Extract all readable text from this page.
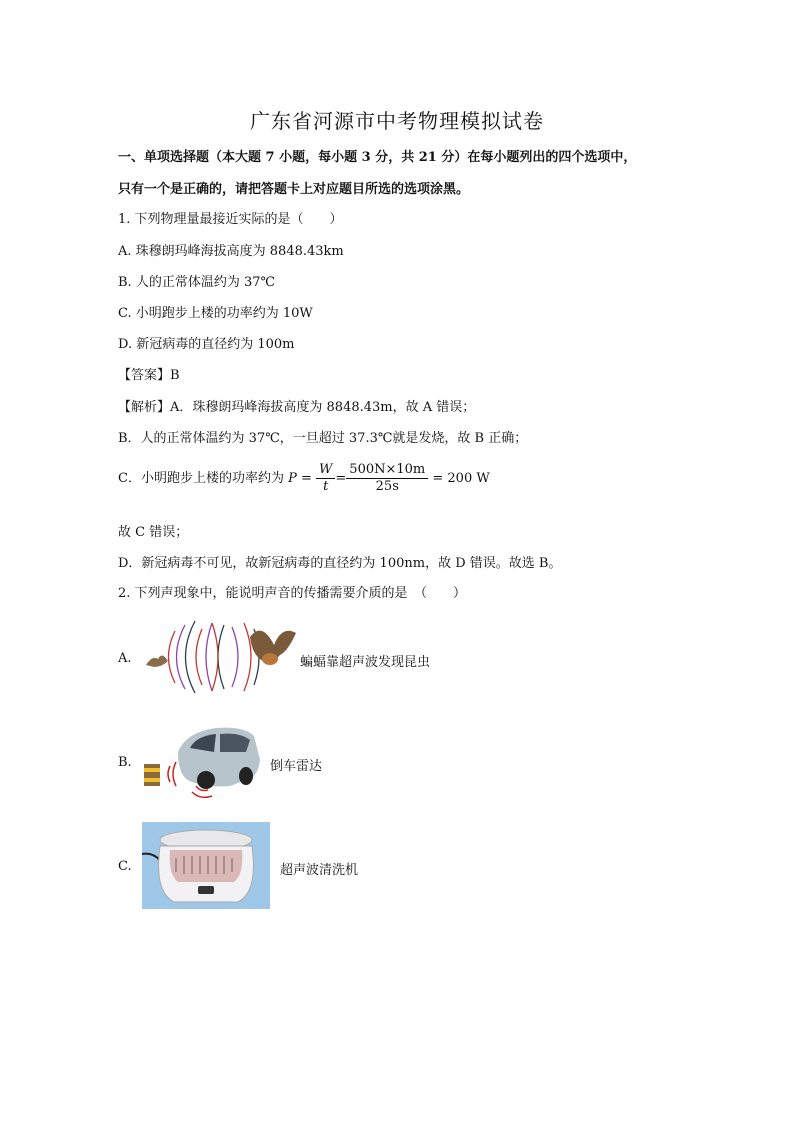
广东省河源市中考物理模拟试卷
一、单项选择题（本大题 7 小题，每小题 3 分，共 21 分）在每小题列出的四个选项中，
只有一个是正确的，请把答题卡上对应题目所选的选项涂黑。
1. 下列物理量最接近实际的是（　　）
A. 珠穆朗玛峰海拔高度为 8848.43km
B. 人的正常体温约为 37℃
C. 小明跑步上楼的功率约为 10W
D. 新冠病毒的直径约为 100m
【答案】B
【解析】A．珠穆朗玛峰海拔高度为 8848.43m，故 A 错误；
B．人的正常体温约为 37℃，一旦超过 37.3℃就是发烧，故 B 正确；
C．小明跑步上楼的功率约为 $P = \frac{W}{t} = \frac{500N\times 10m}{25s} = 200$ W
故 C 错误；
D．新冠病毒不可见，故新冠病毒的直径约为 100nm，故 D 错误。故选 B。
2. 下列声现象中，能说明声音的传播需要介质的是　（　　）
A.	蝙蝠靠超声波发现昆虫
B.	倒车雷达
C.	超声波清洗机
